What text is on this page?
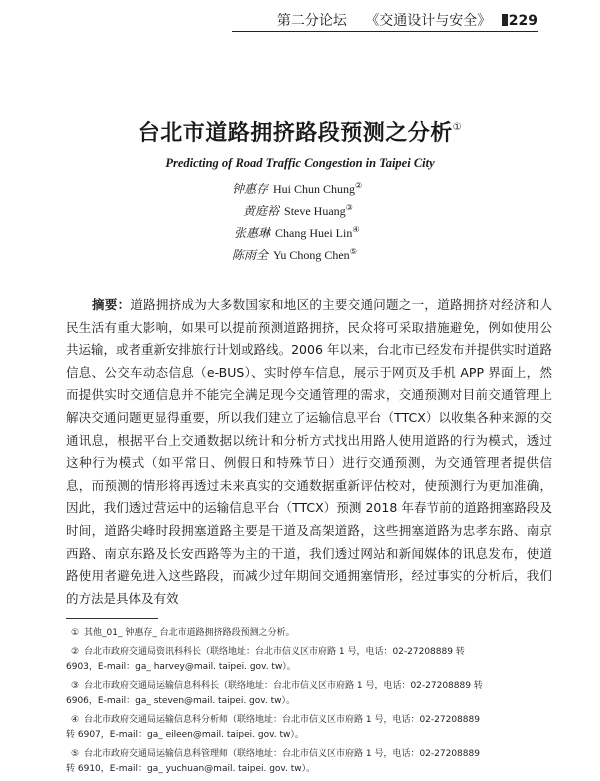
第二分论坛 《交通设计与安全》 229
台北市道路拥挤路段预测之分析①
Predicting of Road Traffic Congestion in Taipei City
钟惠存 Hui Chun Chung②
黄庭裕 Steve Huang③
张惠琳 Chang Huei Lin④
陈雨全 Yu Chong Chen⑤

摘要：道路拥挤成为大多数国家和地区的主要交通问题之一，道路拥挤对经济和人民生活有重大影响，如果可以提前预测道路拥挤，民众将可采取措施避免，例如使用公共运输，或者重新安排旅行计划或路线。2006 年以来，台北市已经发布并提供实时道路信息、公交车动态信息（e-BUS）、实时停车信息，展示于网页及手机 APP 界面上，然而提供实时交通信息并不能完全满足现今交通管理的需求，交通预测对目前交通管理上解决交通问题更显得重要，所以我们建立了运输信息平台（TTCX）以收集各种来源的交通讯息，根据平台上交通数据以统计和分析方式找出用路人使用道路的行为模式，透过这种行为模式（如平常日、例假日和特殊节日）进行交通预测，为交通管理者提供信息，而预测的情形将再透过未来真实的交通数据重新评估校对，使预测行为更加准确，因此，我们透过营运中的运输信息平台（TTCX）预测 2018 年春节前的道路拥塞路段及时间，道路尖峰时段拥塞道路主要是干道及高架道路，这些拥塞道路为忠孝东路、南京西路、南京东路及长安西路等为主的干道，我们透过网站和新闻媒体的讯息发布，使道路使用者避免进入这些路段，而减少过年期间交通拥塞情形，经过事实的分析后，我们的方法是具体及有效

① 其他_01_ 钟惠存_ 台北市道路拥挤路段预测之分析。
② 台北市政府交通局资讯科科长（联络地址：台北市信义区市府路 1 号，电话：02-27208889 转
6903，E-mail：ga_ harvey@mail. taipei. gov. tw）。
③ 台北市政府交通局运输信息科科长（联络地址：台北市信义区市府路 1 号，电话：02-27208889 转
6906，E-mail：ga_ steven@mail. taipei. gov. tw）。
④ 台北市政府交通局运输信息科分析师（联络地址：台北市信义区市府路 1 号，电话：02-27208889
转 6907，E-mail：ga_ eileen@mail. taipei. gov. tw）。
⑤ 台北市政府交通局运输信息科管理师（联络地址：台北市信义区市府路 1 号，电话：02-27208889
转 6910，E-mail：ga_ yuchuan@mail. taipei. gov. tw）。
